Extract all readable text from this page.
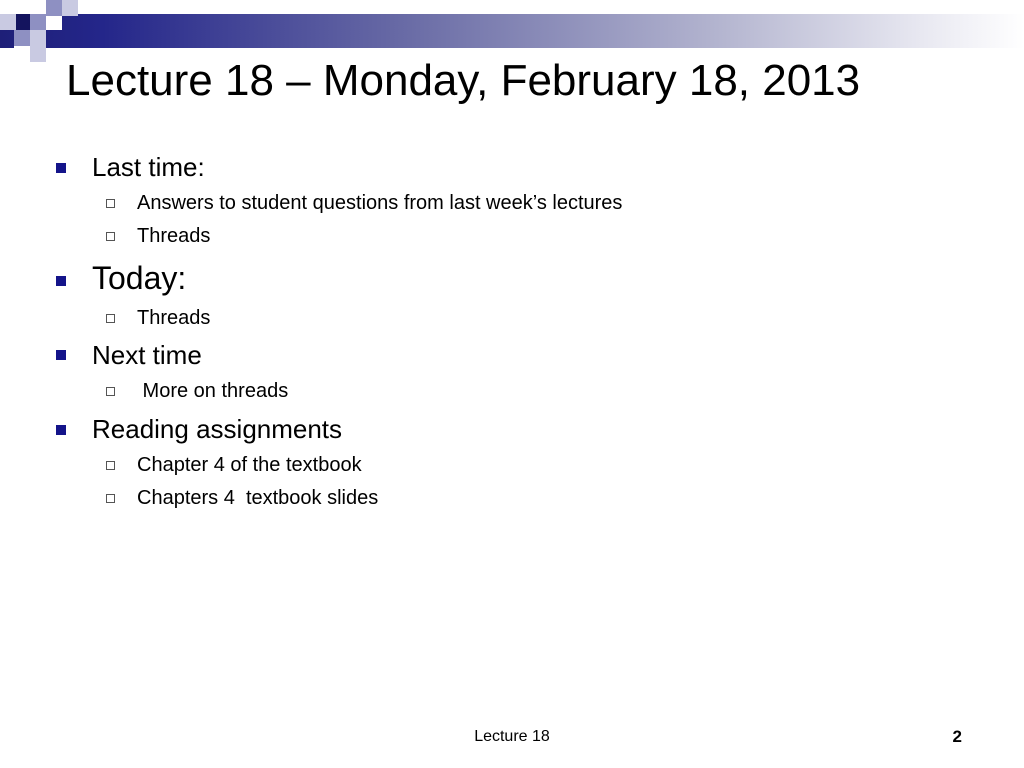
Lecture 18 – Monday, February 18, 2013
Last time:
Answers to student questions from last week’s lectures
Threads
Today:
Threads
Next time
More on threads
Reading assignments
Chapter 4 of the textbook
Chapters 4  textbook slides
Lecture 18	2
